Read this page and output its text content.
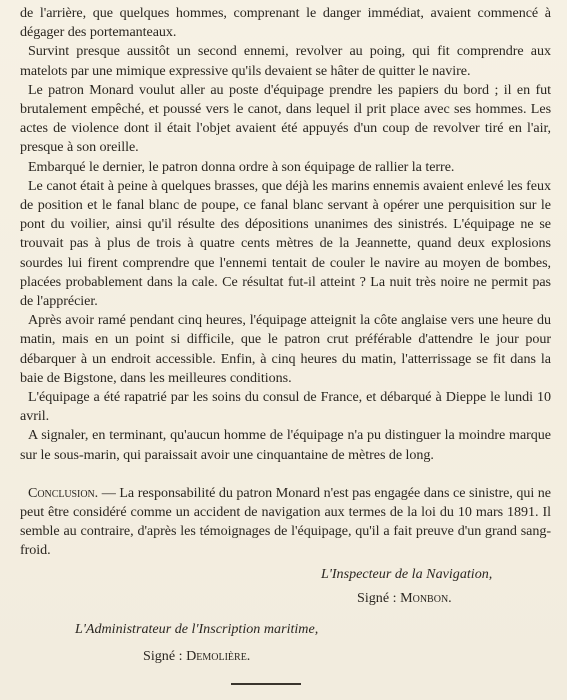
de l'arrière, que quelques hommes, comprenant le danger immédiat, avaient commencé à dégager des portemanteaux.

Survint presque aussitôt un second ennemi, revolver au poing, qui fit comprendre aux matelots par une mimique expressive qu'ils devaient se hâter de quitter le navire.

Le patron Monard voulut aller au poste d'équipage prendre les papiers du bord ; il en fut brutalement empêché, et poussé vers le canot, dans lequel il prit place avec ses hommes. Les actes de violence dont il était l'objet avaient été appuyés d'un coup de revolver tiré en l'air, presque à son oreille.

Embarqué le dernier, le patron donna ordre à son équipage de rallier la terre.

Le canot était à peine à quelques brasses, que déjà les marins ennemis avaient enlevé les feux de position et le fanal blanc de poupe, ce fanal blanc servant à opérer une perquisition sur le pont du voilier, ainsi qu'il résulte des dépositions unanimes des sinistrés. L'équipage ne se trouvait pas à plus de trois à quatre cents mètres de la Jeannette, quand deux explosions sourdes lui firent comprendre que l'ennemi tentait de couler le navire au moyen de bombes, placées probablement dans la cale. Ce résultat fut-il atteint ? La nuit très noire ne permit pas de l'apprécier.

Après avoir ramé pendant cinq heures, l'équipage atteignit la côte anglaise vers une heure du matin, mais en un point si difficile, que le patron crut préférable d'attendre le jour pour débarquer à un endroit accessible. Enfin, à cinq heures du matin, l'atterrissage se fit dans la baie de Bigstone, dans les meilleures conditions.

L'équipage a été rapatrié par les soins du consul de France, et débarqué à Dieppe le lundi 10 avril.

A signaler, en terminant, qu'aucun homme de l'équipage n'a pu distinguer la moindre marque sur le sous-marin, qui paraissait avoir une cinquantaine de mètres de long.

Conclusion. — La responsabilité du patron Monard n'est pas engagée dans ce sinistre, qui ne peut être considéré comme un accident de navigation aux termes de la loi du 10 mars 1891. Il semble au contraire, d'après les témoignages de l'équipage, qu'il a fait preuve d'un grand sang-froid.

L'Inspecteur de la Navigation,
Signé : Monbon.
L'Administrateur de l'Inscription maritime,
Signé : Demolière.
